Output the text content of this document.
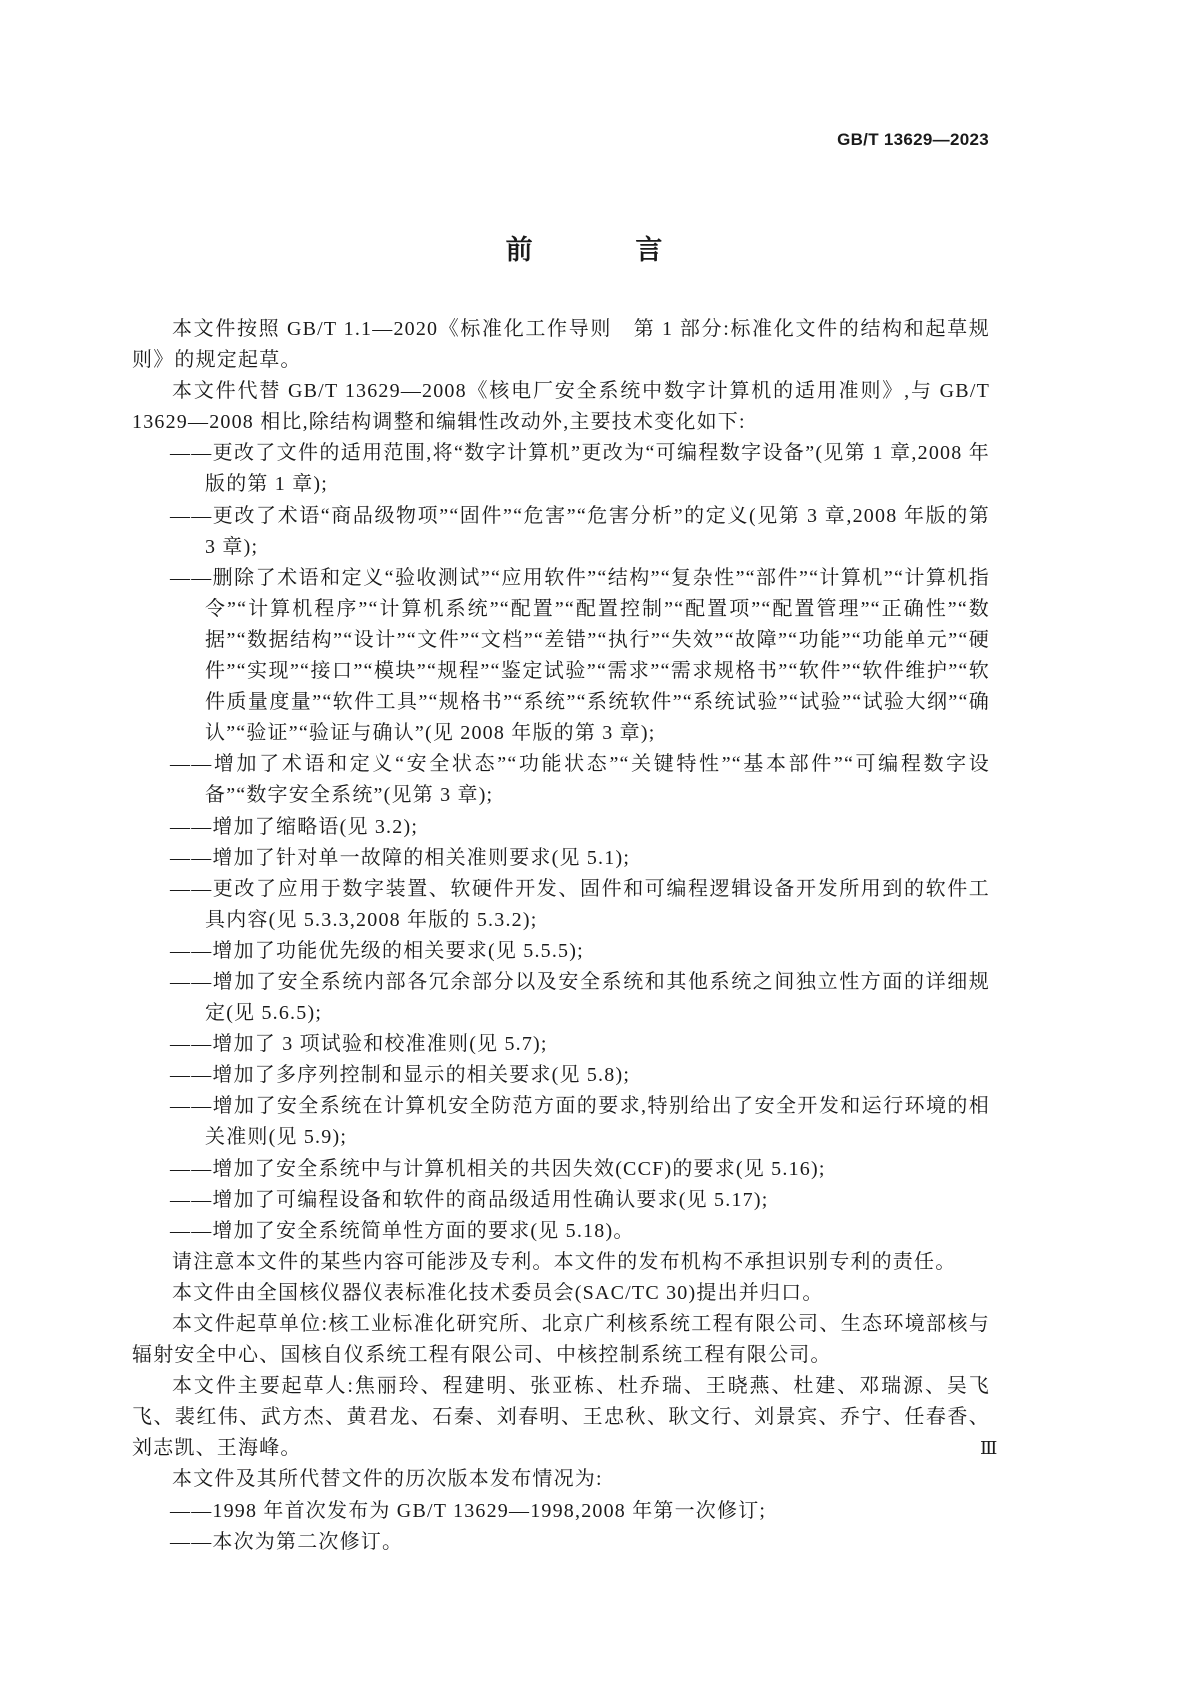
GB/T 13629—2023
前 言

本文件按照 GB/T 1.1—2020《标准化工作导则　第 1 部分:标准化文件的结构和起草规则》的规定起草。

本文件代替 GB/T 13629—2008《核电厂安全系统中数字计算机的适用准则》,与 GB/T 13629—2008 相比,除结构调整和编辑性改动外,主要技术变化如下:

——更改了文件的适用范围,将“数字计算机”更改为“可编程数字设备”(见第 1 章,2008 年版的第 1 章);

——更改了术语“商品级物项”“固件”“危害”“危害分析”的定义(见第 3 章,2008 年版的第 3 章);

——删除了术语和定义“验收测试”“应用软件”“结构”“复杂性”“部件”“计算机”“计算机指令”“计算机程序”“计算机系统”“配置”“配置控制”“配置项”“配置管理”“正确性”“数据”“数据结构”“设计”“文件”“文档”“差错”“执行”“失效”“故障”“功能”“功能单元”“硬件”“实现”“接口”“模块”“规程”“鉴定试验”“需求”“需求规格书”“软件”“软件维护”“软件质量度量”“软件工具”“规格书”“系统”“系统软件”“系统试验”“试验”“试验大纲”“确认”“验证”“验证与确认”(见 2008 年版的第 3 章);

——增加了术语和定义“安全状态”“功能状态”“关键特性”“基本部件”“可编程数字设备”“数字安全系统”(见第 3 章);

——增加了缩略语(见 3.2);

——增加了针对单一故障的相关准则要求(见 5.1);

——更改了应用于数字装置、软硬件开发、固件和可编程逻辑设备开发所用到的软件工具内容(见 5.3.3,2008 年版的 5.3.2);

——增加了功能优先级的相关要求(见 5.5.5);

——增加了安全系统内部各冗余部分以及安全系统和其他系统之间独立性方面的详细规定(见 5.6.5);

——增加了 3 项试验和校准准则(见 5.7);

——增加了多序列控制和显示的相关要求(见 5.8);

——增加了安全系统在计算机安全防范方面的要求,特别给出了安全开发和运行环境的相关准则(见 5.9);

——增加了安全系统中与计算机相关的共因失效(CCF)的要求(见 5.16);

——增加了可编程设备和软件的商品级适用性确认要求(见 5.17);

——增加了安全系统简单性方面的要求(见 5.18)。

请注意本文件的某些内容可能涉及专利。本文件的发布机构不承担识别专利的责任。

本文件由全国核仪器仪表标准化技术委员会(SAC/TC 30)提出并归口。

本文件起草单位:核工业标准化研究所、北京广利核系统工程有限公司、生态环境部核与辐射安全中心、国核自仪系统工程有限公司、中核控制系统工程有限公司。

本文件主要起草人:焦丽玲、程建明、张亚栋、杜乔瑞、王晓燕、杜建、邓瑞源、吴飞飞、裴红伟、武方杰、黄君龙、石秦、刘春明、王忠秋、耿文行、刘景宾、乔宁、任春香、刘志凯、王海峰。

本文件及其所代替文件的历次版本发布情况为:

——1998 年首次发布为 GB/T 13629—1998,2008 年第一次修订;

——本次为第二次修订。

Ⅲ
